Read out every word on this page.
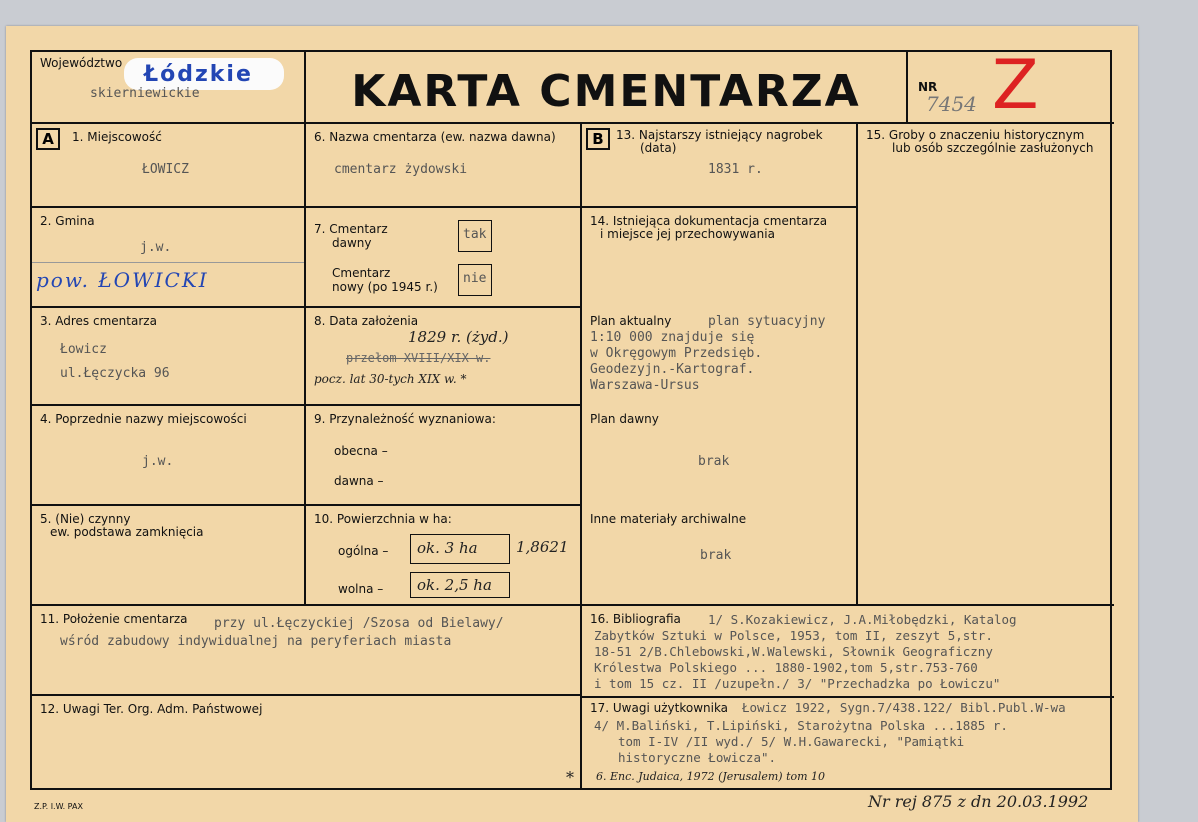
Województwo Łódzkie
skierniewickie	KARTA CMENTARZA	NR
7454 Z
A	1. Miejscowość
ŁOWICZ
2. Gmina
j.w.
pow. ŁOWICKI
3. Adres cmentarza
Łowicz
ul.Łęczycka 96
4. Poprzednie nazwy miejscowości
j.w.
5. (Nie) czynny
ew. podstawa zamknięcia
6. Nazwa cmentarza (ew. nazwa dawna)
cmentarz żydowski
7. Cmentarz
dawny
tak
Cmentarz
nowy (po 1945 r.)
nie
8. Data założenia
1829 r. (żyd.)
przełom XVIII/XIX w.
pocz. lat 30-tych XIX w. *
9. Przynależność wyznaniowa:
obecna –
dawna –
10. Powierzchnia w ha:
ogólna – ok. 3 ha	1,8621
wolna – ok. 2,5 ha
B	13. Najstarszy istniejący nagrobek
(data)
1831 r.
14. Istniejąca dokumentacja cmentarza
i miejsce jej przechowywania
Plan aktualny	plan sytuacyjny
1:10 000 znajduje się
w Okręgowym Przedsięb.
Geodezyjn.-Kartograf.
Warszawa-Ursus
Plan dawny
brak
Inne materiały archiwalne
brak
15. Groby o znaczeniu historycznym
lub osób szczególnie zasłużonych
11. Położenie cmentarza przy ul.Łęczyckiej /Szosa od Bielawy/
wśród zabudowy indywidualnej na peryferiach miasta
12. Uwagi Ter. Org. Adm. Państwowej
16. Bibliografia
17. Uwagi użytkownika
1/ S.Kozakiewicz, J.A.Miłobędzki, Katalog
Zabytków Sztuki w Polsce, 1953, tom II, zeszyt 5,str.
18-51 2/B.Chlebowski,W.Walewski, Słownik Geograficzny
Królestwa Polskiego ... 1880-1902,tom 5,str.753-760
i tom 15 cz. II /uzupełn./ 3/ "Przechadzka po Łowiczu"
Łowicz 1922, Sygn.7/438.122/ Bibl.Publ.W-wa
4/ M.Baliński, T.Lipiński, Starożytna Polska ...1885 r.
tom I-IV /II wyd./ 5/ W.H.Gawarecki, "Pamiątki
historyczne Łowicza".
6. Enc. Judaica, 1972 (Jerusalem) tom 10
*
Z.P. I.W. PAX	Nr rej 875 z dn 20.03.1992
